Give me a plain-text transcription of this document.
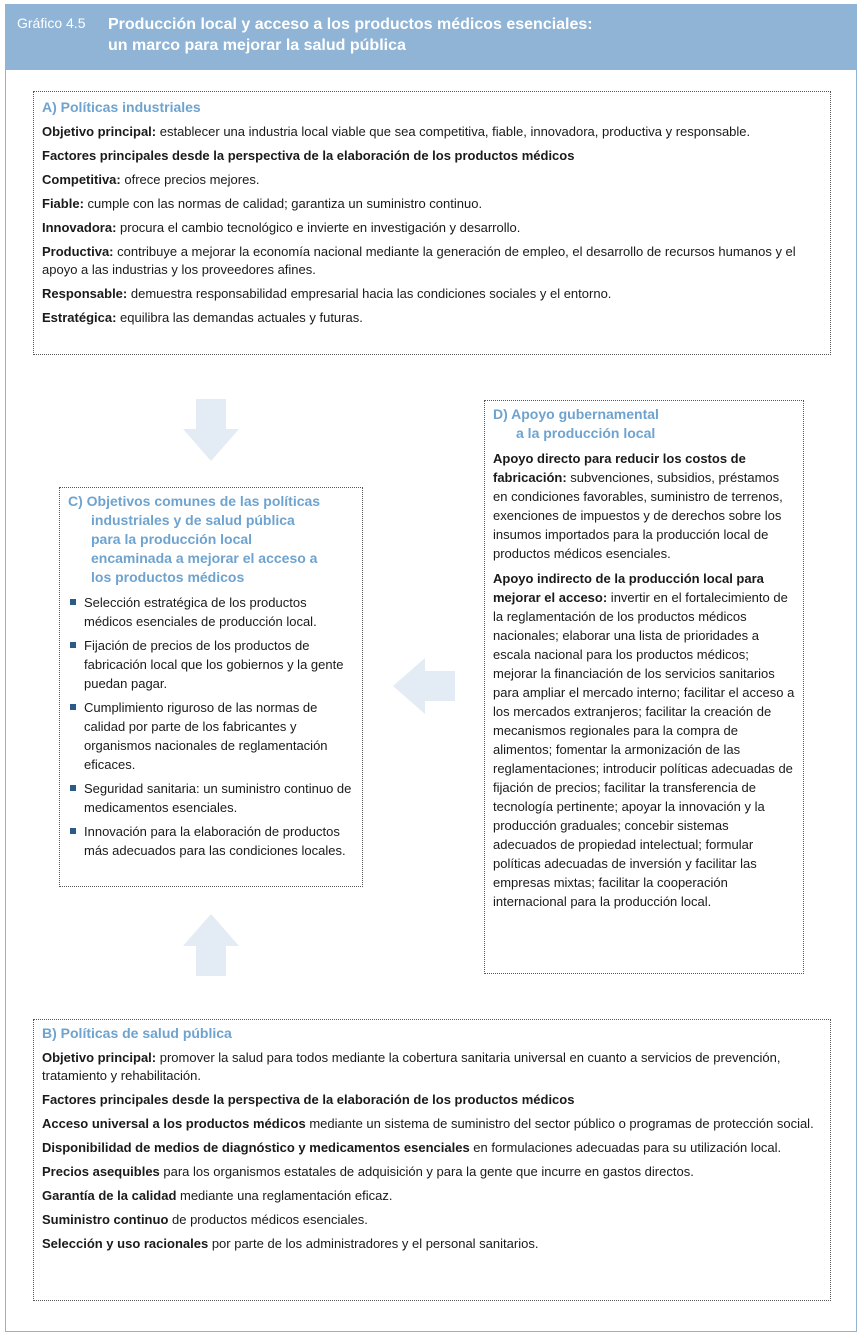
Gráfico 4.5 Producción local y acceso a los productos médicos esenciales:
un marco para mejorar la salud pública
A) Políticas industriales
Objetivo principal: establecer una industria local viable que sea competitiva, fiable, innovadora, productiva y responsable.
Factores principales desde la perspectiva de la elaboración de los productos médicos
Competitiva: ofrece precios mejores.
Fiable: cumple con las normas de calidad; garantiza un suministro continuo.
Innovadora: procura el cambio tecnológico e invierte en investigación y desarrollo.
Productiva: contribuye a mejorar la economía nacional mediante la generación de empleo, el desarrollo de recursos humanos y el apoyo a las industrias y los proveedores afines.
Responsable: demuestra responsabilidad empresarial hacia las condiciones sociales y el entorno.
Estratégica: equilibra las demandas actuales y futuras.
C) Objetivos comunes de las políticas
industriales y de salud pública
para la producción local
encaminada a mejorar el acceso a
los productos médicos
Selección estratégica de los productos médicos esenciales de producción local.
Fijación de precios de los productos de fabricación local que los gobiernos y la gente puedan pagar.
Cumplimiento riguroso de las normas de calidad por parte de los fabricantes y organismos nacionales de reglamentación eficaces.
Seguridad sanitaria: un suministro continuo de medicamentos esenciales.
Innovación para la elaboración de productos más adecuados para las condiciones locales.
D) Apoyo gubernamental
a la producción local
Apoyo directo para reducir los costos de fabricación: subvenciones, subsidios, préstamos en condiciones favorables, suministro de terrenos, exenciones de impuestos y de derechos sobre los insumos importados para la producción local de productos médicos esenciales.
Apoyo indirecto de la producción local para mejorar el acceso: invertir en el fortalecimiento de la reglamentación de los productos médicos nacionales; elaborar una lista de prioridades a escala nacional para los productos médicos; mejorar la financiación de los servicios sanitarios para ampliar el mercado interno; facilitar el acceso a los mercados extranjeros; facilitar la creación de mecanismos regionales para la compra de alimentos; fomentar la armonización de las reglamentaciones; introducir políticas adecuadas de fijación de precios; facilitar la transferencia de tecnología pertinente; apoyar la innovación y la producción graduales; concebir sistemas adecuados de propiedad intelectual; formular políticas adecuadas de inversión y facilitar las empresas mixtas; facilitar la cooperación internacional para la producción local.
B) Políticas de salud pública
Objetivo principal: promover la salud para todos mediante la cobertura sanitaria universal en cuanto a servicios de prevención, tratamiento y rehabilitación.
Factores principales desde la perspectiva de la elaboración de los productos médicos
Acceso universal a los productos médicos mediante un sistema de suministro del sector público o programas de protección social.
Disponibilidad de medios de diagnóstico y medicamentos esenciales en formulaciones adecuadas para su utilización local.
Precios asequibles para los organismos estatales de adquisición y para la gente que incurre en gastos directos.
Garantía de la calidad mediante una reglamentación eficaz.
Suministro continuo de productos médicos esenciales.
Selección y uso racionales por parte de los administradores y el personal sanitarios.
